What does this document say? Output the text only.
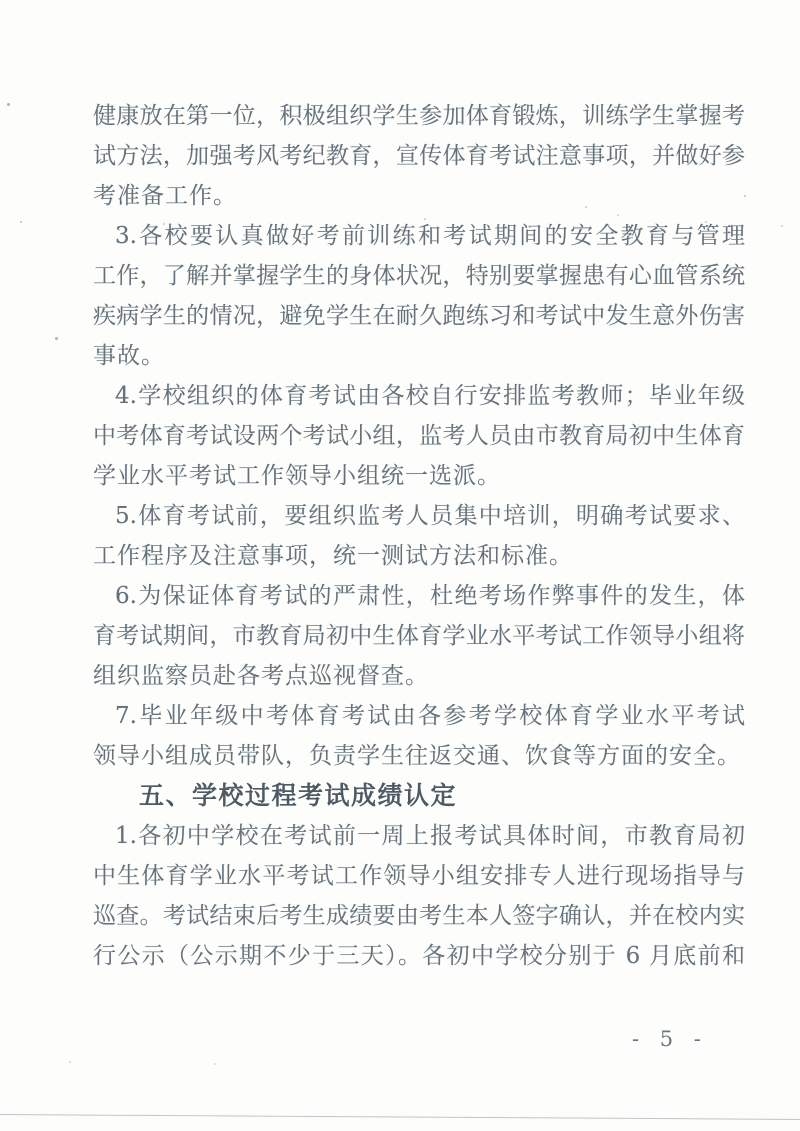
健康放在第一位，积极组织学生参加体育锻炼，训练学生掌握考
试方法，加强考风考纪教育，宣传体育考试注意事项，并做好参
考准备工作。
3.各校要认真做好考前训练和考试期间的安全教育与管理
工作，了解并掌握学生的身体状况，特别要掌握患有心血管系统
疾病学生的情况，避免学生在耐久跑练习和考试中发生意外伤害
事故。
4.学校组织的体育考试由各校自行安排监考教师；毕业年级
中考体育考试设两个考试小组，监考人员由市教育局初中生体育
学业水平考试工作领导小组统一选派。
5.体育考试前，要组织监考人员集中培训，明确考试要求、
工作程序及注意事项，统一测试方法和标准。
6.为保证体育考试的严肃性，杜绝考场作弊事件的发生，体
育考试期间，市教育局初中生体育学业水平考试工作领导小组将
组织监察员赴各考点巡视督查。
7.毕业年级中考体育考试由各参考学校体育学业水平考试
领导小组成员带队，负责学生往返交通、饮食等方面的安全。
五、学校过程考试成绩认定
1.各初中学校在考试前一周上报考试具体时间，市教育局初
中生体育学业水平考试工作领导小组安排专人进行现场指导与
巡查。考试结束后考生成绩要由考生本人签字确认，并在校内实
行公示（公示期不少于三天）。各初中学校分别于 6 月底前和
- 5 -
